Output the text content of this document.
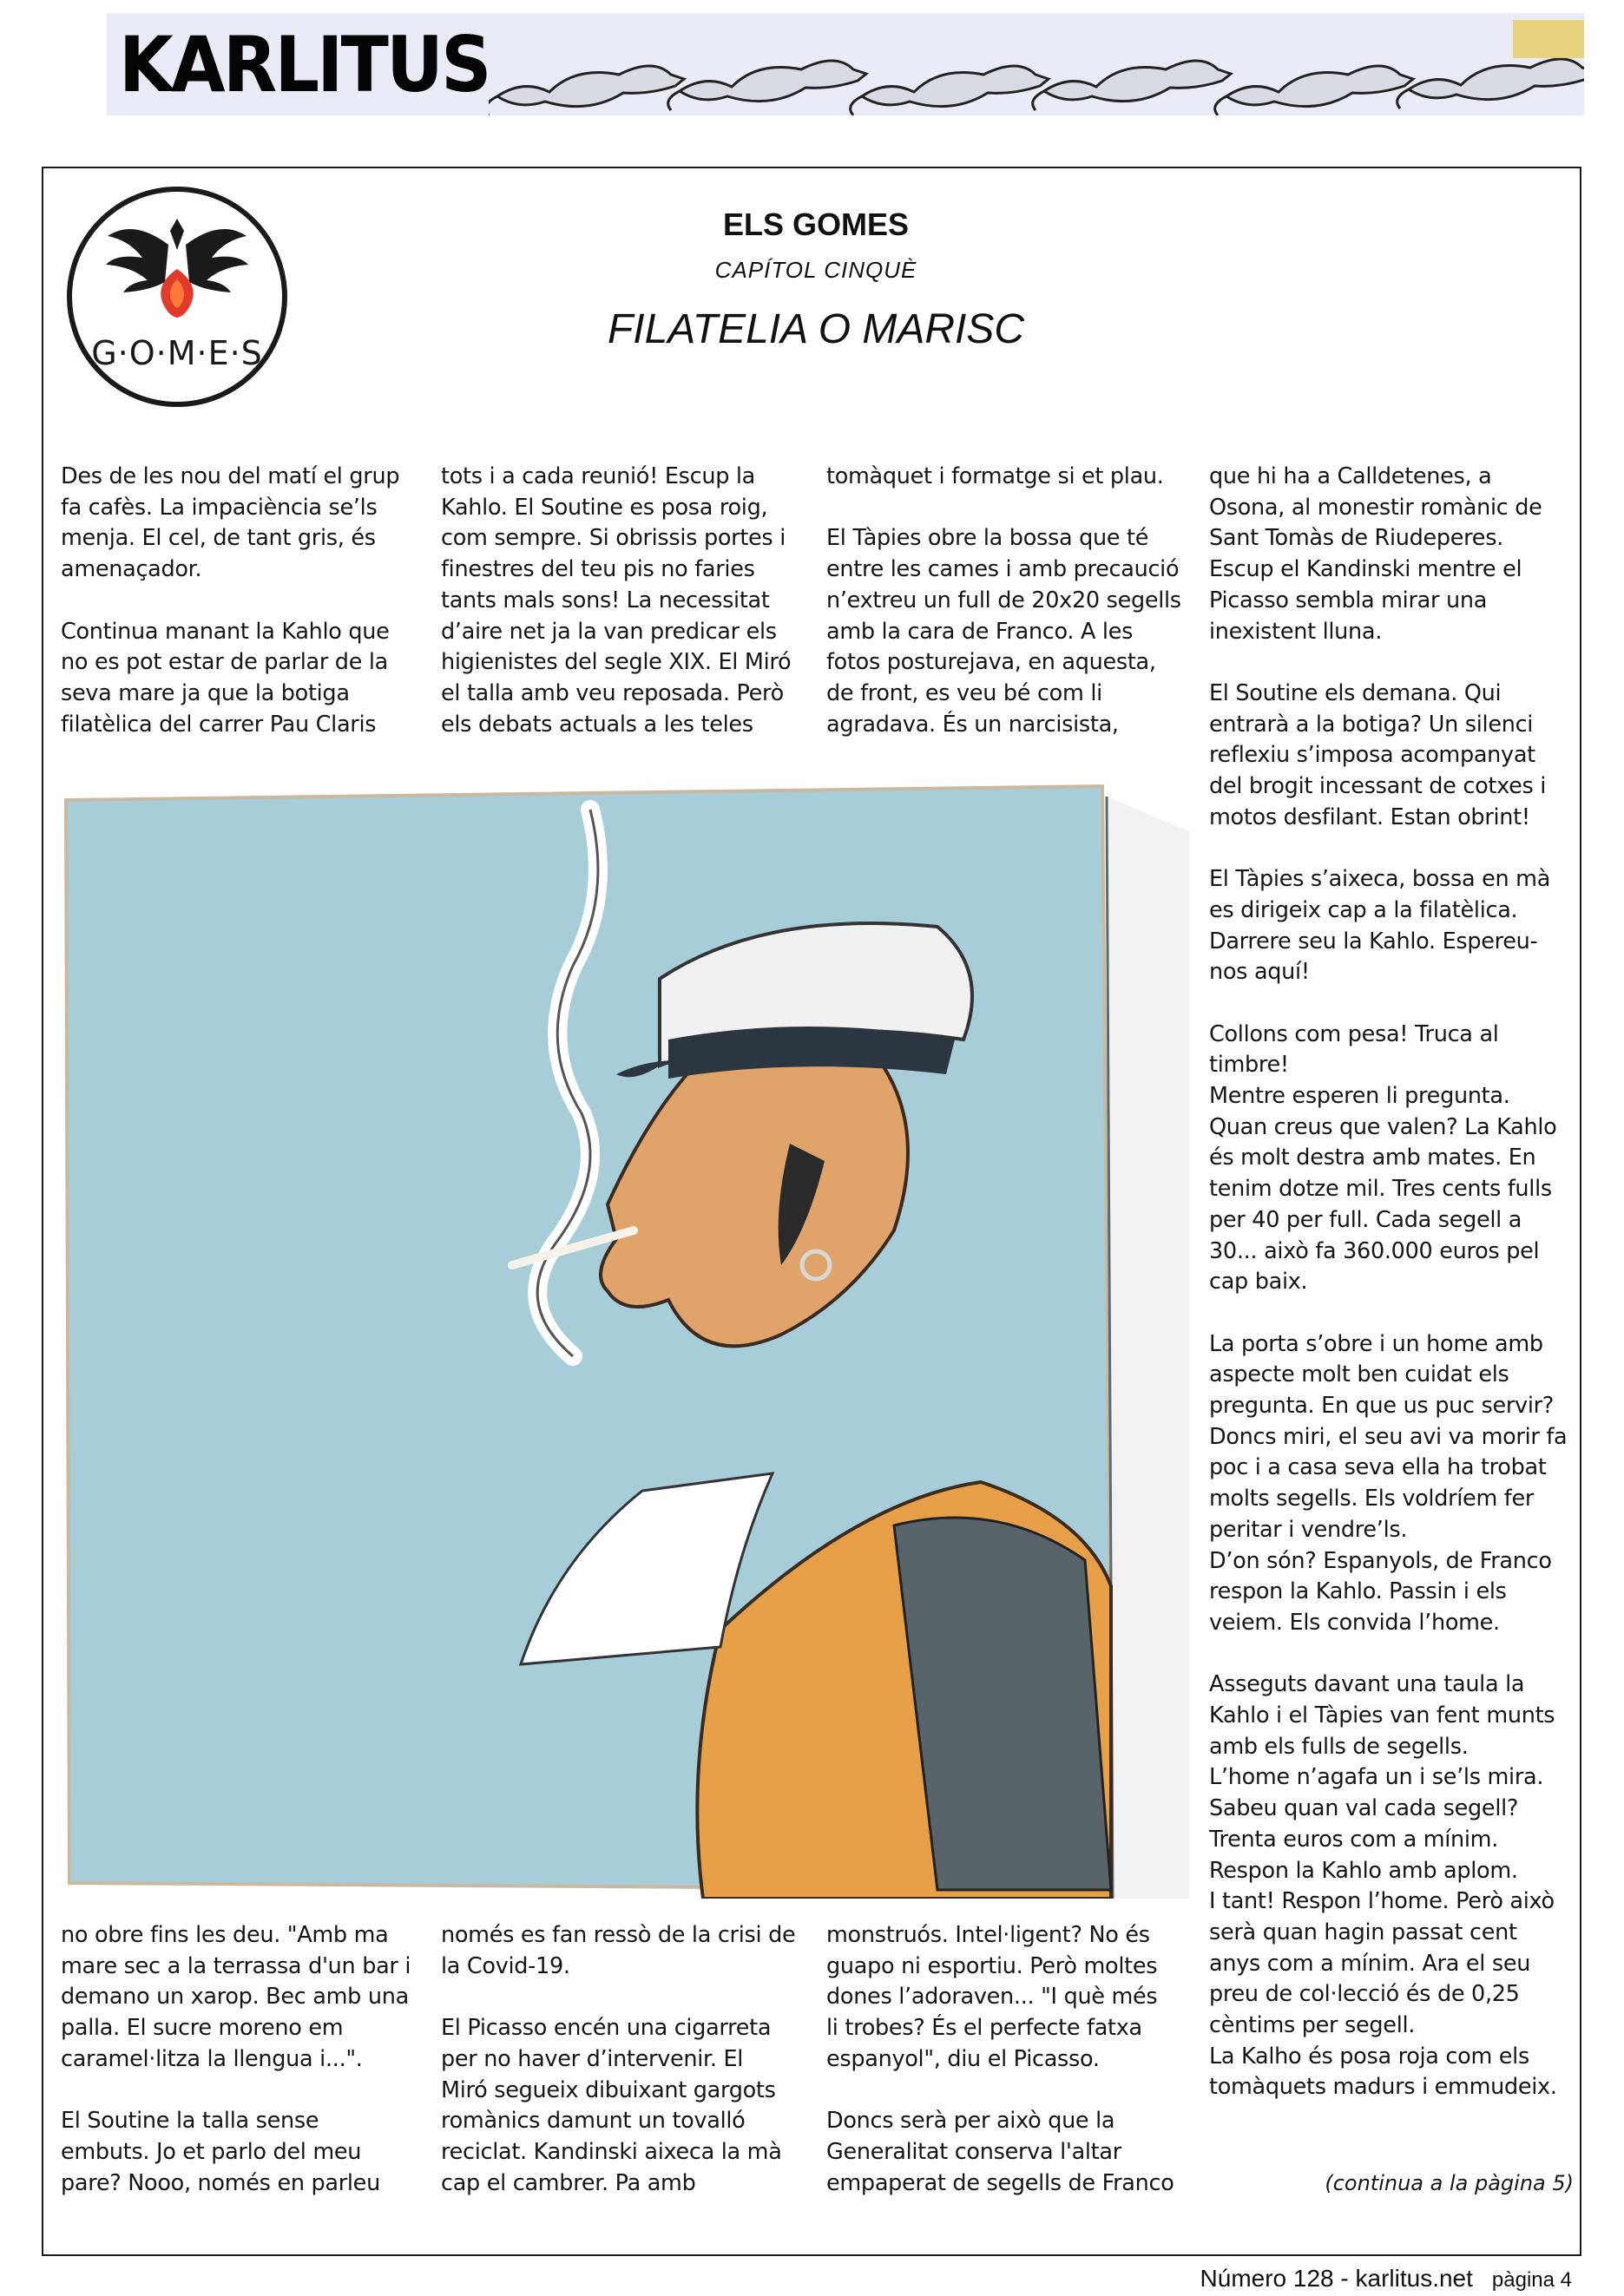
KARLITUS
G·O·M·E·S
ELS GOMES
CAPÍTOL CINQUÈ
FILATELIA O MARISC

Des de les nou del matí el grup
fa cafès. La impaciència se’ls
menja. El cel, de tant gris, és
amenaçador.

Continua manant la Kahlo que
no es pot estar de parlar de la
seva mare ja que la botiga
filatèlica del carrer Pau Claris

tots i a cada reunió! Escup la
Kahlo. El Soutine es posa roig,
com sempre. Si obrissis portes i
finestres del teu pis no faries
tants mals sons! La necessitat
d’aire net ja la van predicar els
higienistes del segle XIX. El Miró
el talla amb veu reposada. Però
els debats actuals a les teles

tomàquet i formatge si et plau.

El Tàpies obre la bossa que té
entre les cames i amb precaució
n’extreu un full de 20x20 segells
amb la cara de Franco. A les
fotos posturejava, en aquesta,
de front, es veu bé com li
agradava. És un narcisista,

que hi ha a Calldetenes, a
Osona, al monestir romànic de
Sant Tomàs de Riudeperes.
Escup el Kandinski mentre el
Picasso sembla mirar una
inexistent lluna.

El Soutine els demana. Qui
entrarà a la botiga? Un silenci
reflexiu s’imposa acompanyat
del brogit incessant de cotxes i
motos desfilant. Estan obrint!

El Tàpies s’aixeca, bossa en mà
es dirigeix cap a la filatèlica.
Darrere seu la Kahlo. Espereu-
nos aquí!

Collons com pesa! Truca al
timbre!
Mentre esperen li pregunta.
Quan creus que valen? La Kahlo
és molt destra amb mates. En
tenim dotze mil. Tres cents fulls
per 40 per full. Cada segell a
30... això fa 360.000 euros pel
cap baix.

La porta s’obre i un home amb
aspecte molt ben cuidat els
pregunta. En que us puc servir?
Doncs miri, el seu avi va morir fa
poc i a casa seva ella ha trobat
molts segells. Els voldríem fer
peritar i vendre’ls.
D’on són? Espanyols, de Franco
respon la Kahlo. Passin i els
veiem. Els convida l’home.

Asseguts davant una taula la
Kahlo i el Tàpies van fent munts
amb els fulls de segells.
L’home n’agafa un i se’ls mira.
Sabeu quan val cada segell?
Trenta euros com a mínim.
Respon la Kahlo amb aplom.
I tant! Respon l’home. Però això
serà quan hagin passat cent
anys com a mínim. Ara el seu
preu de col·lecció és de 0,25
cèntims per segell.
La Kalho és posa roja com els
tomàquets madurs i emmudeix.

no obre fins les deu. "Amb ma
mare sec a la terrassa d'un bar i
demano un xarop. Bec amb una
palla. El sucre moreno em
caramel·litza la llengua i...".

El Soutine la talla sense
embuts. Jo et parlo del meu
pare? Nooo, només en parleu

només es fan ressò de la crisi de
la Covid-19.

El Picasso encén una cigarreta
per no haver d’intervenir. El
Miró segueix dibuixant gargots
romànics damunt un tovalló
reciclat. Kandinski aixeca la mà
cap el cambrer. Pa amb

monstruós. Intel·ligent? No és
guapo ni esportiu. Però moltes
dones l’adoraven... "I què més
li trobes? És el perfecte fatxa
espanyol", diu el Picasso.

Doncs serà per això que la
Generalitat conserva l'altar
empaperat de segells de Franco	(continua a la pàgina 5)
Número 128 - karlitus.net pàgina 4
